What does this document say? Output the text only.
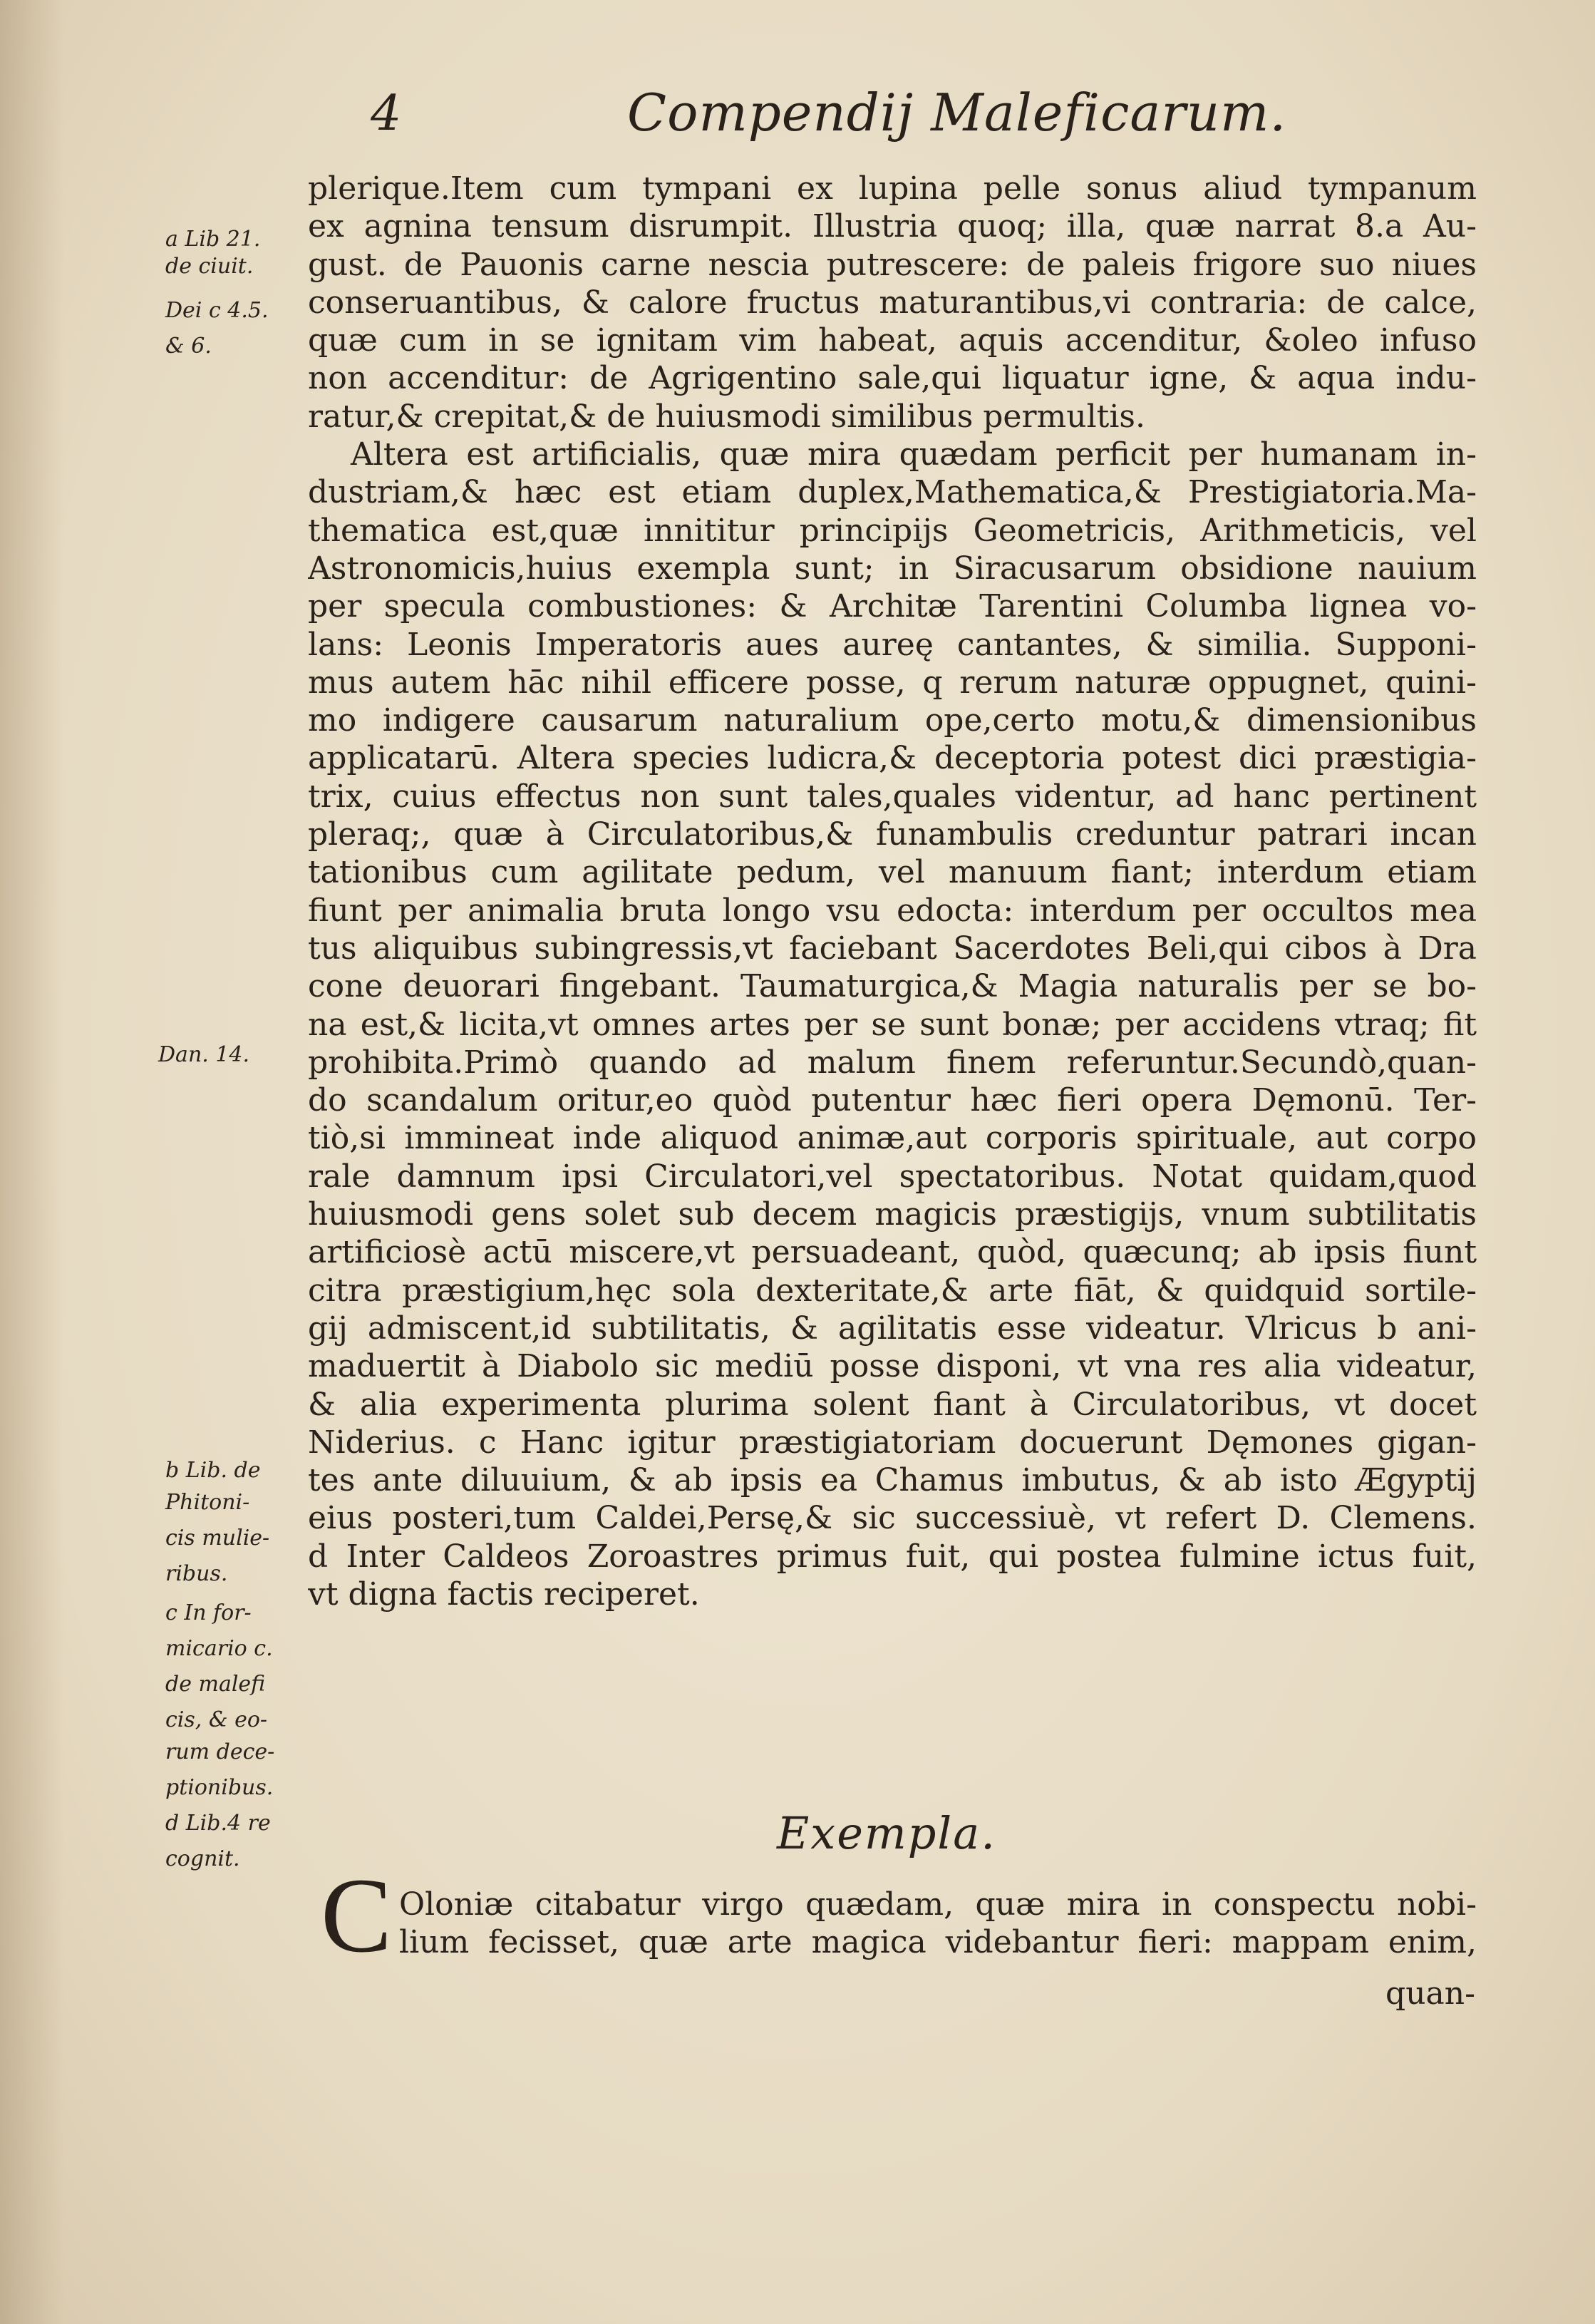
4	Compendij Maleficarum.
a Lib 21.
de ciuit.
Dei c 4.5.
& 6.
Dan. 14.
b Lib. de
Phitoni-
cis mulie-
ribus.
c In for-
micario c.
de malefi
cis, & eo-
rum dece-
ptionibus.
d Lib.4 re
cognit.
plerique.Item cum tympani ex lupina pelle sonus aliud tympanum
ex agnina tensum disrumpit. Illustria quoq; illa, quæ narrat 8.a Au-
gust. de Pauonis carne nescia putrescere: de paleis frigore suo niues
conseruantibus, & calore fructus maturantibus,vi contraria: de calce,
quæ cum in se ignitam vim habeat, aquis accenditur, &oleo infuso
non accenditur: de Agrigentino sale,qui liquatur igne, & aqua indu-
ratur,& crepitat,& de huiusmodi similibus permultis.
Altera est artificialis, quæ mira quædam perficit per humanam in-
dustriam,& hæc est etiam duplex,Mathematica,& Prestigiatoria.Ma-
thematica est,quæ innititur principijs Geometricis, Arithmeticis, vel
Astronomicis,huius exempla sunt; in Siracusarum obsidione nauium
per specula combustiones: & Architæ Tarentini Columba lignea vo-
lans: Leonis Imperatoris aues aureę cantantes, & similia. Supponi-
mus autem hāc nihil efficere posse, q rerum naturæ oppugnet, quini-
mo indigere causarum naturalium ope,certo motu,& dimensionibus
applicatarū. Altera species ludicra,& deceptoria potest dici præstigia-
trix, cuius effectus non sunt tales,quales videntur, ad hanc pertinent
pleraq;, quæ à Circulatoribus,& funambulis creduntur patrari incan
tationibus cum agilitate pedum, vel manuum fiant; interdum etiam
fiunt per animalia bruta longo vsu edocta: interdum per occultos mea
tus aliquibus subingressis,vt faciebant Sacerdotes Beli,qui cibos à Dra
cone deuorari fingebant. Taumaturgica,& Magia naturalis per se bo-
na est,& licita,vt omnes artes per se sunt bonæ; per accidens vtraq; fit
prohibita.Primò quando ad malum finem referuntur.Secundò,quan-
do scandalum oritur,eo quòd putentur hæc fieri opera Dęmonū. Ter-
tiò,si immineat inde aliquod animæ,aut corporis spirituale, aut corpo
rale damnum ipsi Circulatori,vel spectatoribus. Notat quidam,quod
huiusmodi gens solet sub decem magicis præstigijs, vnum subtilitatis
artificiosè actū miscere,vt persuadeant, quòd, quæcunq; ab ipsis fiunt
citra præstigium,hęc sola dexteritate,& arte fiāt, & quidquid sortile-
gij admiscent,id subtilitatis, & agilitatis esse videatur. Vlricus b ani-
maduertit à Diabolo sic mediū posse disponi, vt vna res alia videatur,
& alia experimenta plurima solent fiant à Circulatoribus, vt docet
Niderius. c Hanc igitur præstigiatoriam docuerunt Dęmones gigan-
tes ante diluuium, & ab ipsis ea Chamus imbutus, & ab isto Ægyptij
eius posteri,tum Caldei,Persę,& sic successiuè, vt refert D. Clemens.
d Inter Caldeos Zoroastres primus fuit, qui postea fulmine ictus fuit,
vt digna factis reciperet.
Exempla.
C Oloniæ citabatur virgo quædam, quæ mira in conspectu nobi-
lium fecisset, quæ arte magica videbantur fieri: mappam enim,
quan-
